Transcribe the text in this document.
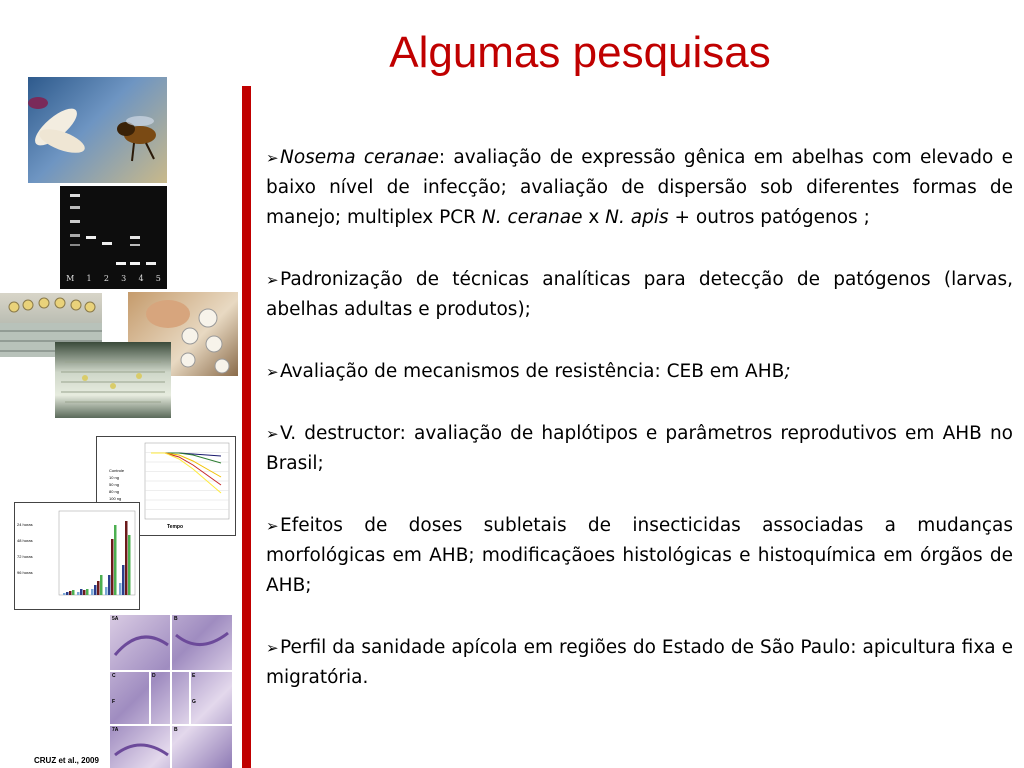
Algumas pesquisas
M 1 2 3 4 5
Tempo
Controle
10 ng
50 ng
80 ng
100 ng
24 horas
48 horas
72 horas
96 horas
5A	B
C	D	E
F	G
7A	B
CRUZ et al., 2009
➢Nosema ceranae: avaliação de expressão gênica em abelhas com elevado e baixo nível de infecção; avaliação de dispersão sob diferentes formas de manejo; multiplex PCR N. ceranae x N. apis + outros patógenos ;
➢Padronização de técnicas analíticas para detecção de patógenos (larvas, abelhas adultas e produtos);
➢Avaliação de mecanismos de resistência: CEB em AHB;
➢V. destructor: avaliação de haplótipos e parâmetros reprodutivos em AHB no Brasil;
➢Efeitos de doses subletais de insecticidas associadas a mudanças morfológicas em AHB; modificaçãoes histológicas e histoquímica em órgãos de AHB;
➢Perfil da sanidade apícola em regiões do Estado de São Paulo: apicultura fixa e migratória.
